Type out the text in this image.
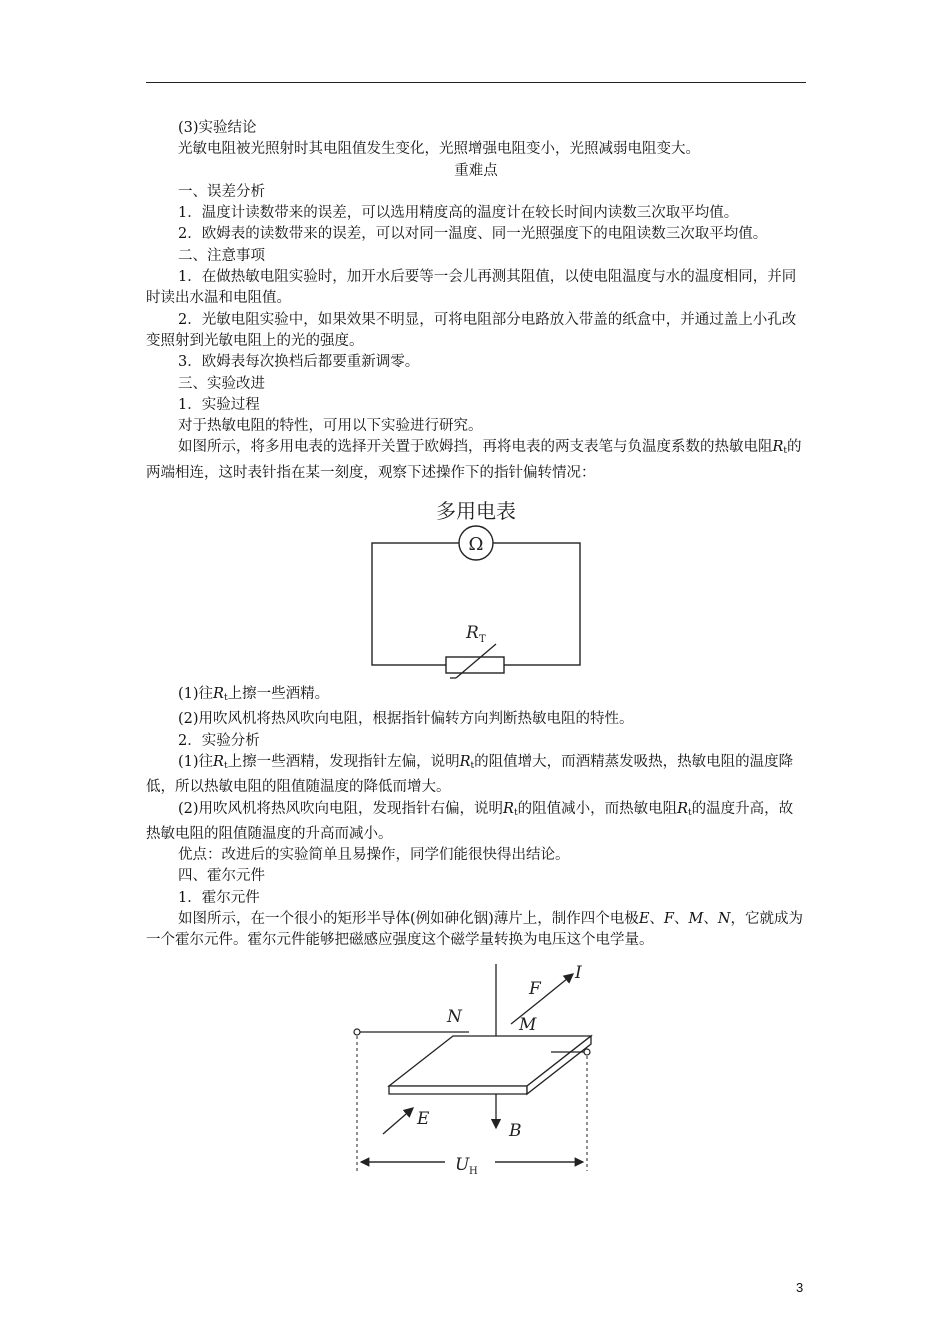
(3)实验结论

光敏电阻被光照射时其电阻值发生变化，光照增强电阻变小，光照减弱电阻变大。

重难点

一、误差分析

1．温度计读数带来的误差，可以选用精度高的温度计在较长时间内读数三次取平均值。

2．欧姆表的读数带来的误差，可以对同一温度、同一光照强度下的电阻读数三次取平均值。

二、注意事项

1．在做热敏电阻实验时，加开水后要等一会儿再测其阻值，以使电阻温度与水的温度相同，并同时读出水温和电阻值。

2．光敏电阻实验中，如果效果不明显，可将电阻部分电路放入带盖的纸盒中，并通过盖上小孔改变照射到光敏电阻上的光的强度。

3．欧姆表每次换档后都要重新调零。

三、实验改进

1．实验过程

对于热敏电阻的特性，可用以下实验进行研究。

如图所示，将多用电表的选择开关置于欧姆挡，再将电表的两支表笔与负温度系数的热敏电阻$R_t$的两端相连，这时表针指在某一刻度，观察下述操作下的指针偏转情况：

多用电表
Ω
R T

(1)往$R_t$上擦一些酒精。

(2)用吹风机将热风吹向电阻，根据指针偏转方向判断热敏电阻的特性。

2．实验分析

(1)往$R_t$上擦一些酒精，发现指针左偏，说明$R_t$的阻值增大，而酒精蒸发吸热，热敏电阻的温度降低，所以热敏电阻的阻值随温度的降低而增大。

(2)用吹风机将热风吹向电阻，发现指针右偏，说明$R_t$的阻值减小，而热敏电阻$R_t$的温度升高，故热敏电阻的阻值随温度的升高而减小。

优点：改进后的实验简单且易操作，同学们能很快得出结论。

四、霍尔元件

1．霍尔元件

如图所示，在一个很小的矩形半导体(例如砷化铟)薄片上，制作四个电极E、F、M、N，它就成为一个霍尔元件。霍尔元件能够把磁感应强度这个磁学量转换为电压这个电学量。

U H
F
I
N	M
E
B
3
